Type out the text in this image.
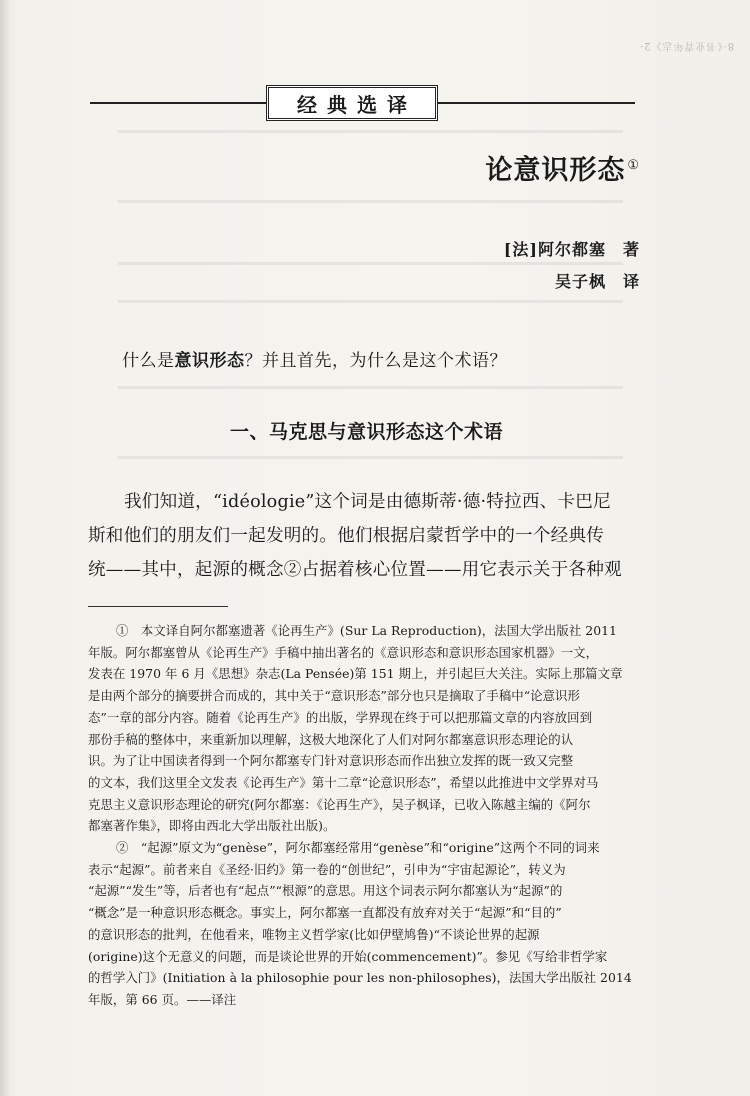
8·《书业青年志》2·
经典选译
论意识形态 ①
[法]阿尔都塞　著
吴子枫　译
什么是意识形态？并且首先，为什么是这个术语？
一、马克思与意识形态这个术语
我们知道，“idéologie”这个词是由德斯蒂·德·特拉西、卡巴尼
斯和他们的朋友们一起发明的。他们根据启蒙哲学中的一个经典传
统——其中，起源的概念②占据着核心位置——用它表示关于各种观
①　本文译自阿尔都塞遗著《论再生产》(Sur La Reproduction)，法国大学出版社 2011
年版。阿尔都塞曾从《论再生产》手稿中抽出著名的《意识形态和意识形态国家机器》一文，
发表在 1970 年 6 月《思想》杂志(La Pensée)第 151 期上，并引起巨大关注。实际上那篇文章
是由两个部分的摘要拼合而成的，其中关于“意识形态”部分也只是摘取了手稿中“论意识形
态”一章的部分内容。随着《论再生产》的出版，学界现在终于可以把那篇文章的内容放回到
那份手稿的整体中，来重新加以理解，这极大地深化了人们对阿尔都塞意识形态理论的认
识。为了让中国读者得到一个阿尔都塞专门针对意识形态而作出独立发挥的既一致又完整
的文本，我们这里全文发表《论再生产》第十二章“论意识形态”，希望以此推进中文学界对马
克思主义意识形态理论的研究(阿尔都塞：《论再生产》，吴子枫译，已收入陈越主编的《阿尔
都塞著作集》，即将由西北大学出版社出版)。
②　“起源”原文为“genèse”，阿尔都塞经常用“genèse”和“origine”这两个不同的词来
表示“起源”。前者来自《圣经·旧约》第一卷的“创世纪”，引申为“宇宙起源论”，转义为
“起源”“发生”等，后者也有“起点”“根源”的意思。用这个词表示阿尔都塞认为“起源”的
“概念”是一种意识形态概念。事实上，阿尔都塞一直都没有放弃对关于“起源”和“目的”
的意识形态的批判，在他看来，唯物主义哲学家(比如伊壁鸠鲁)“不谈论世界的起源
(origine)这个无意义的问题，而是谈论世界的开始(commencement)”。参见《写给非哲学家
的哲学入门》(Initiation à la philosophie pour les non-philosophes)，法国大学出版社 2014
年版，第 66 页。——译注
